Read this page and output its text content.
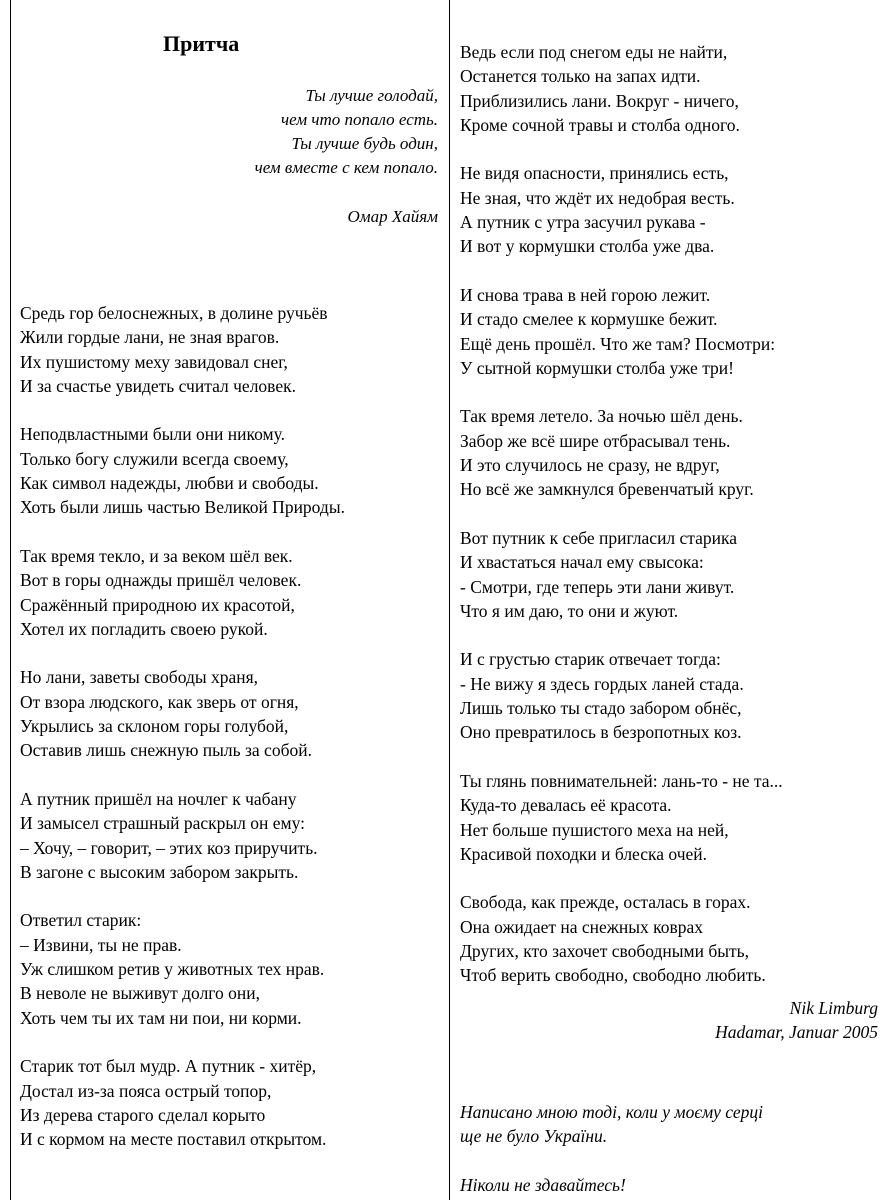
Притча
Ты лучше голодай,
чем что попало есть.
Ты лучше будь один,
чем вместе с кем попало.
Омар Хайям
Средь гор белоснежных, в долине ручьёв
Жили гордые лани, не зная врагов.
Их пушистому меху завидовал снег,
И за счастье увидеть считал человек.
Неподвластными были они никому.
Только богу служили всегда своему,
Как символ надежды, любви и свободы.
Хоть были лишь частью Великой Природы.
Так время текло, и за веком шёл век.
Вот в горы однажды пришёл человек.
Сражённый природною их красотой,
Хотел их погладить своею рукой.
Но лани, заветы свободы храня,
От взора людского, как зверь от огня,
Укрылись за склоном горы голубой,
Оставив лишь снежную пыль за собой.
А путник пришёл на ночлег к чабану
И замысел страшный раскрыл он ему:
– Хочу, – говорит, – этих коз приручить.
В загоне с высоким забором закрыть.
Ответил старик:
– Извини, ты не прав.
Уж слишком ретив у животных тех нрав.
В неволе не выживут долго они,
Хоть чем ты их там ни пои, ни корми.
Старик тот был мудр. А путник - хитёр,
Достал из-за пояса острый топор,
Из дерева старого сделал корыто
И с кормом на месте поставил открытом.
Ведь если под снегом еды не найти,
Останется только на запах идти.
Приблизились лани. Вокруг - ничего,
Кроме сочной травы и столба одного.
Не видя опасности, принялись есть,
Не зная, что ждёт их недобрая весть.
А путник с утра засучил рукава -
И вот у кормушки столба уже два.
И снова трава в ней горою лежит.
И стадо смелее к кормушке бежит.
Ещё день прошёл. Что же там? Посмотри:
У сытной кормушки столба уже три!
Так время летело. За ночью шёл день.
Забор же всё шире отбрасывал тень.
И это случилось не сразу, не вдруг,
Но всё же замкнулся бревенчатый круг.
Вот путник к себе пригласил старика
И хвастаться начал ему свысока:
- Смотри, где теперь эти лани живут.
Что я им даю, то они и жуют.
И с грустью старик отвечает тогда:
- Не вижу я здесь гордых ланей стада.
Лишь только ты стадо забором обнёс,
Оно превратилось в безропотных коз.
Ты глянь повнимательней: лань-то - не та...
Куда-то девалась её красота.
Нет больше пушистого меха на ней,
Красивой походки и блеска очей.
Свобода, как прежде, осталась в горах.
Она ожидает на снежных коврах
Других, кто захочет свободными быть,
Чтоб верить свободно, свободно любить.
Nik Limburg
Hadamar, Januar 2005
Написано мною тоді, коли у моєму серці
ще не було України.
Ніколи не здавайтесь!
